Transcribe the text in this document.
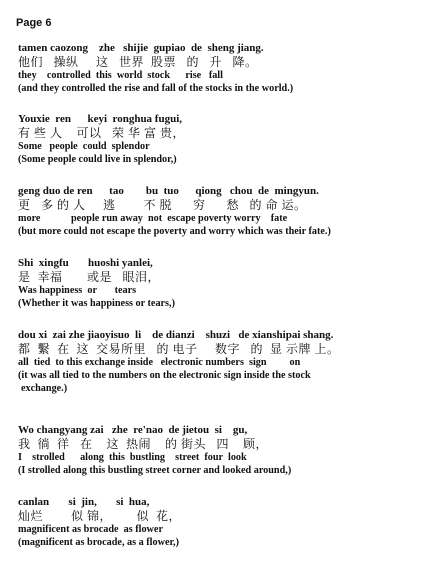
Page 6
tamen caozong    zhe   shijie  gupiao  de  sheng jiang.
他们   操纵     这   世界  股票   的   升   降。
they    controlled  this  world  stock      rise   fall
(and they controlled the rise and fall of the stocks in the world.)
Youxie  ren      keyi  ronghua fugui,
有 些 人    可以   荣 华 富 贵，
Some   people  could  splendor
(Some people could live in splendor,)
geng duo de ren      tao        bu  tuo      qiong   chou  de  mingyun.
更   多 的 人     逃        不 脱      穷      愁   的 命 运。
more            people run away  not  escape poverty worry    fate
(but more could not escape the poverty and worry which was their fate.)
Shi  xingfu       huoshi yanlei,
是  幸福       或是   眼泪，
Was happiness  or       tears
(Whether it was happiness or tears,)
dou xi  zai zhe jiaoyisuo  li    de dianzi    shuzi   de xianshipai shang.
都  繫  在  这  交易所里   的 电子     数字   的  显 示牌 上。
all  tied  to this exchange inside   electronic numbers  sign         on
(it was all tied to the numbers on the electronic sign inside the stock
exchange.)
Wo changyang zai   zhe  re'nao  de jietou  si    gu,
我  徜  徉   在    这  热闹    的 街头   四    顾，
I    strolled      along  this  bustling    street  four  look
(I strolled along this bustling street corner and looked around,)
canlan       si  jin,       si  hua,
灿烂        似 锦，       似  花，
magnificent as brocade  as flower
(magnificent as brocade, as a flower,)
